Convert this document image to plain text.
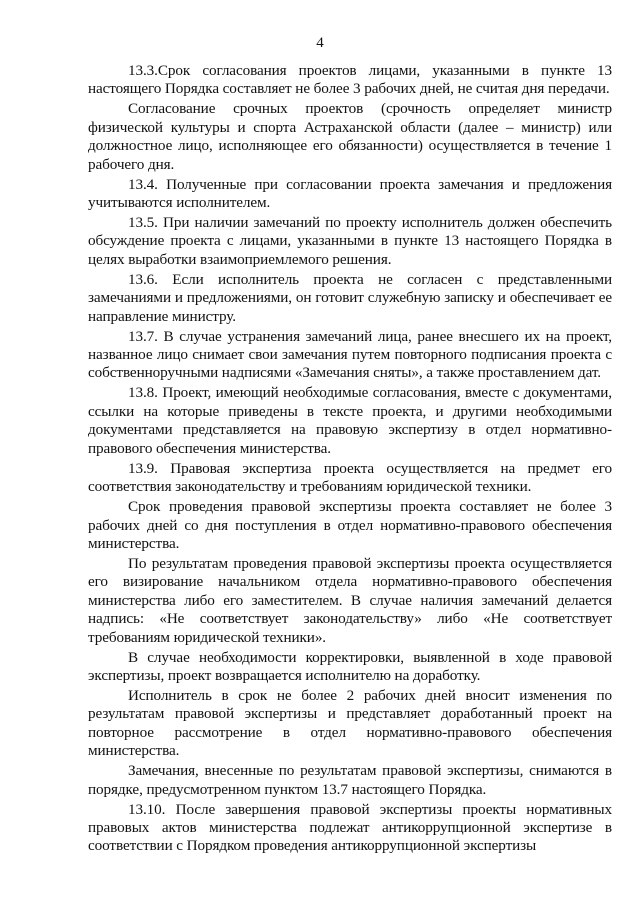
4

13.3.Срок согласования проектов лицами, указанными в пункте 13 настоящего Порядка составляет не более 3 рабочих дней, не считая дня передачи.

Согласование срочных проектов (срочность определяет министр физической культуры и спорта Астраханской области (далее – министр) или должностное лицо, исполняющее его обязанности) осуществляется в течение 1 рабочего дня.

13.4. Полученные при согласовании проекта замечания и предложения учитываются исполнителем.

13.5. При наличии замечаний по проекту исполнитель должен обеспечить обсуждение проекта с лицами, указанными в пункте 13 настоящего Порядка в целях выработки взаимоприемлемого решения.

13.6. Если исполнитель проекта не согласен с представленными замечаниями и предложениями, он готовит служебную записку и обеспечивает ее направление министру.

13.7. В случае устранения замечаний лица, ранее внесшего их на проект, названное лицо снимает свои замечания путем повторного подписания проекта с собственноручными надписями «Замечания сняты», а также проставлением дат.

13.8. Проект, имеющий необходимые согласования, вместе с документами, ссылки на которые приведены в тексте проекта, и другими необходимыми документами представляется на правовую экспертизу в отдел нормативно-правового обеспечения министерства.

13.9. Правовая экспертиза проекта осуществляется на предмет его соответствия законодательству и требованиям юридической техники.

Срок проведения правовой экспертизы проекта составляет не более 3 рабочих дней со дня поступления в отдел нормативно-правового обеспечения министерства.

По результатам проведения правовой экспертизы проекта осуществляется его визирование начальником отдела нормативно-правового обеспечения министерства либо его заместителем. В случае наличия замечаний делается надпись: «Не соответствует законодательству» либо «Не соответствует требованиям юридической техники».

В случае необходимости корректировки, выявленной в ходе правовой экспертизы, проект возвращается исполнителю на доработку.

Исполнитель в срок не более 2 рабочих дней вносит изменения по результатам правовой экспертизы и представляет доработанный проект на повторное рассмотрение в отдел нормативно-правового обеспечения министерства.

Замечания, внесенные по результатам правовой экспертизы, снимаются в порядке, предусмотренном пунктом 13.7 настоящего Порядка.

13.10. После завершения правовой экспертизы проекты нормативных правовых актов министерства подлежат антикоррупционной экспертизе в соответствии с Порядком проведения антикоррупционной экспертизы
